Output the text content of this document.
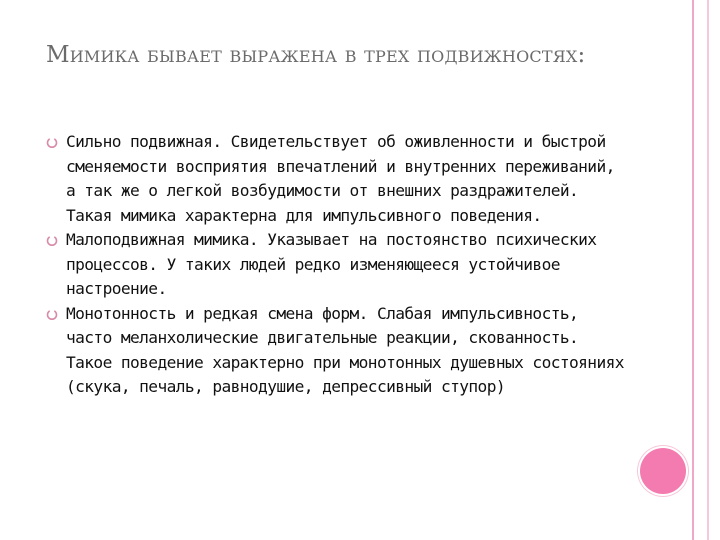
Мимика бывает выражена в трех подвижностях:
Сильно подвижная. Свидетельствует об оживленности и быстрой сменяемости восприятия впечатлений и внутренних переживаний, а так же о легкой возбудимости от внешних раздражителей. Такая мимика характерна для импульсивного поведения.
Малоподвижная мимика. Указывает на постоянство психических процессов. У таких людей редко изменяющееся устойчивое настроение.
Монотонность и редкая смена форм. Слабая импульсивность, часто меланхолические двигательные реакции, скованность. Такое поведение характерно при монотонных душевных состояниях (скука, печаль, равнодушие, депрессивный ступор)
